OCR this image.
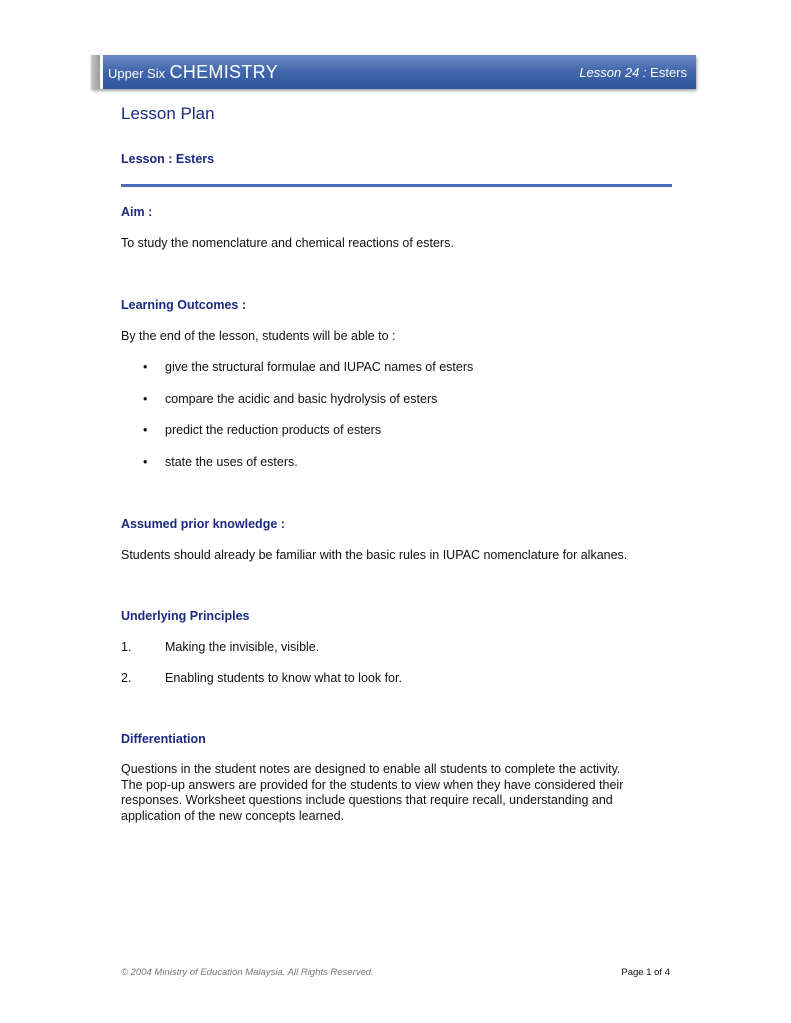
Upper Six CHEMISTRY	Lesson 24 : Esters
Lesson Plan
Lesson : Esters
Aim :
To study the nomenclature and chemical reactions of esters.
Learning Outcomes :
By the end of the lesson, students will be able to :
• give the structural formulae and IUPAC names of esters
• compare the acidic and basic hydrolysis of esters
• predict the reduction products of esters
• state the uses of esters.
Assumed prior knowledge :
Students should already be familiar with the basic rules in IUPAC nomenclature for alkanes.
Underlying Principles
1.	Making the invisible, visible.
2.	Enabling students to know what to look for.
Differentiation
Questions in the student notes are designed to enable all students to complete the activity.
The pop-up answers are provided for the students to view when they have considered their
responses. Worksheet questions include questions that require recall, understanding and
application of the new concepts learned.
© 2004 Ministry of Education Malaysia. All Rights Reserved.	Page 1 of 4
